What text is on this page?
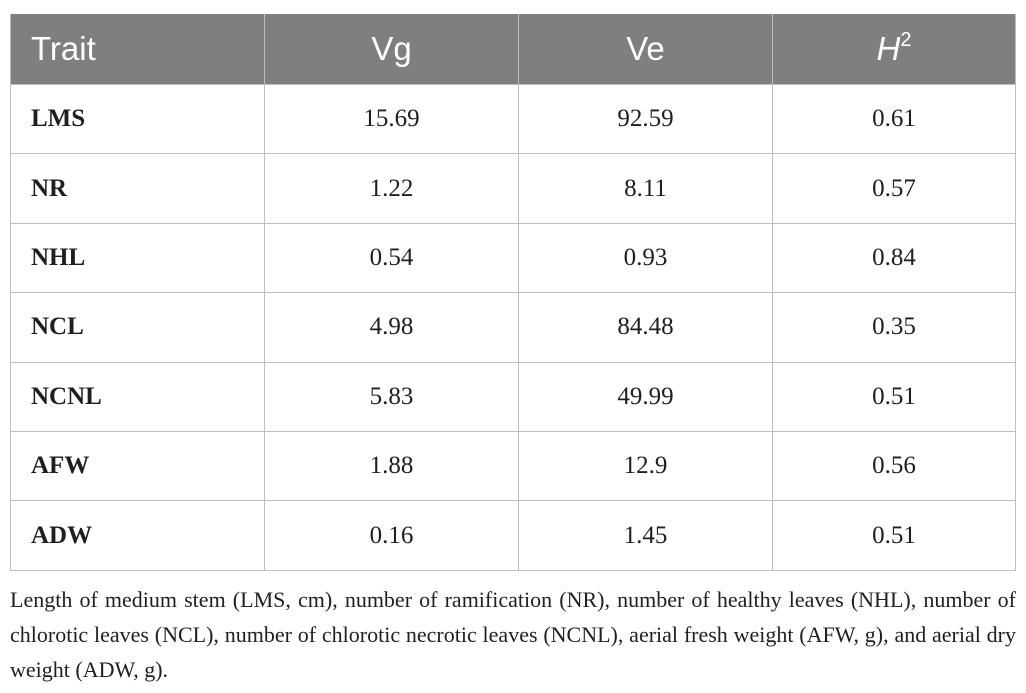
Trait	Vg	Ve	$H^2$
LMS	15.69	92.59	0.61
NR	1.22	8.11	0.57
NHL	0.54	0.93	0.84
NCL	4.98	84.48	0.35
NCNL	5.83	49.99	0.51
AFW	1.88	12.9	0.56
ADW	0.16	1.45	0.51

Length of medium stem (LMS, cm), number of ramification (NR), number of healthy leaves (NHL), number of chlorotic leaves (NCL), number of chlorotic necrotic leaves (NCNL), aerial fresh weight (AFW, g), and aerial dry weight (ADW, g).
